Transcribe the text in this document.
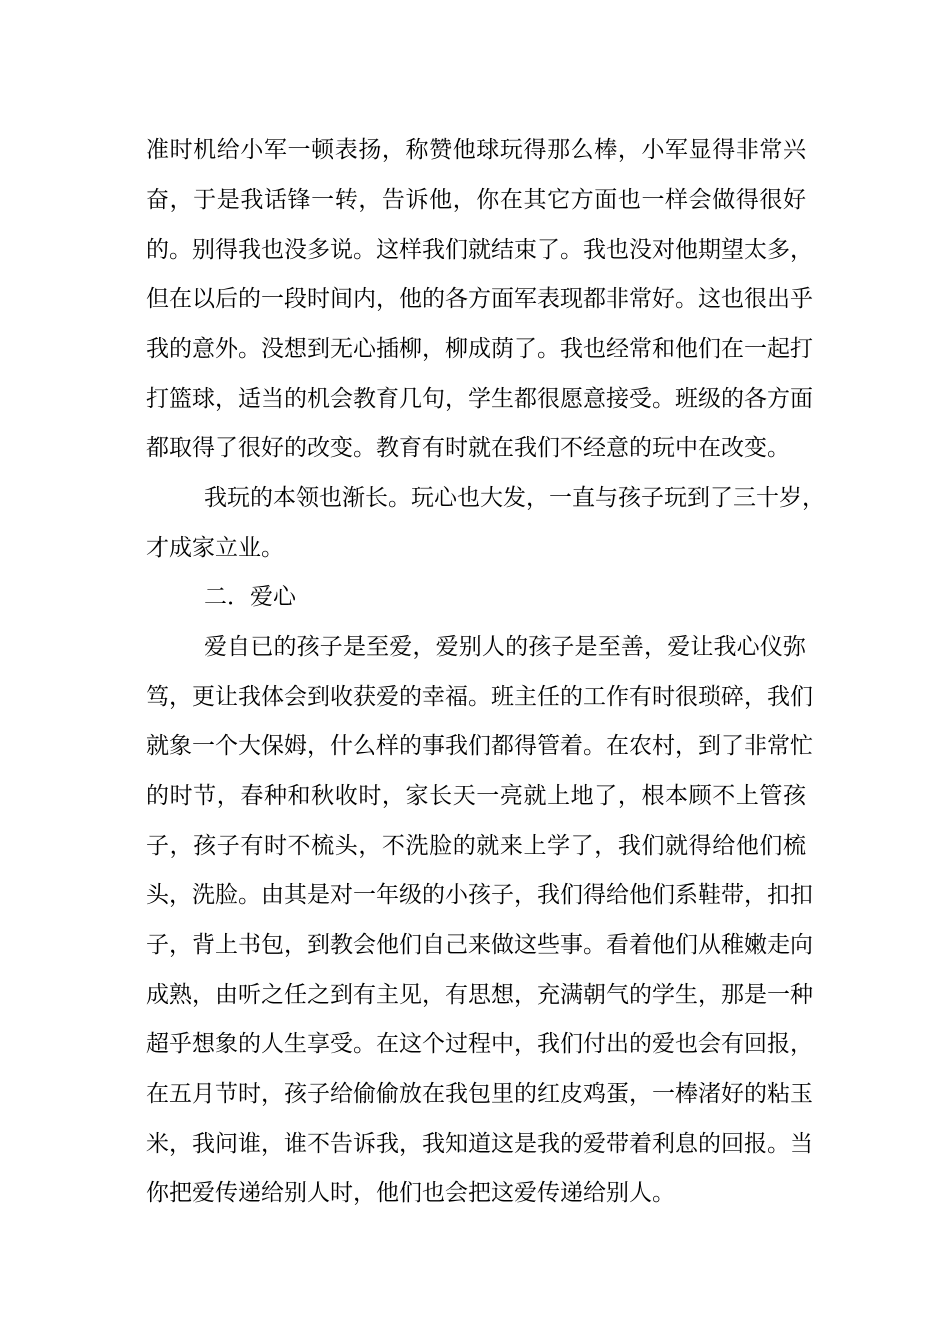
准时机给小军一顿表扬，称赞他球玩得那么棒，小军显得非常兴
奋，于是我话锋一转，告诉他，你在其它方面也一样会做得很好
的。别得我也没多说。这样我们就结束了。我也没对他期望太多，
但在以后的一段时间内，他的各方面军表现都非常好。这也很出乎
我的意外。没想到无心插柳，柳成荫了。我也经常和他们在一起打
打篮球，适当的机会教育几句，学生都很愿意接受。班级的各方面
都取得了很好的改变。教育有时就在我们不经意的玩中在改变。
我玩的本领也渐长。玩心也大发，一直与孩子玩到了三十岁，
才成家立业。
二．爱心
爱自已的孩子是至爱，爱别人的孩子是至善，爱让我心仪弥
笃，更让我体会到收获爱的幸福。班主任的工作有时很琐碎，我们
就象一个大保姆，什么样的事我们都得管着。在农村，到了非常忙
的时节，春种和秋收时，家长天一亮就上地了，根本顾不上管孩
子，孩子有时不梳头，不洗脸的就来上学了，我们就得给他们梳
头，洗脸。由其是对一年级的小孩子，我们得给他们系鞋带，扣扣
子，背上书包，到教会他们自己来做这些事。看着他们从稚嫩走向
成熟，由听之任之到有主见，有思想，充满朝气的学生，那是一种
超乎想象的人生享受。在这个过程中，我们付出的爱也会有回报，
在五月节时，孩子给偷偷放在我包里的红皮鸡蛋，一棒渚好的粘玉
米，我问谁，谁不告诉我，我知道这是我的爱带着利息的回报。当
你把爱传递给别人时，他们也会把这爱传递给别人。
